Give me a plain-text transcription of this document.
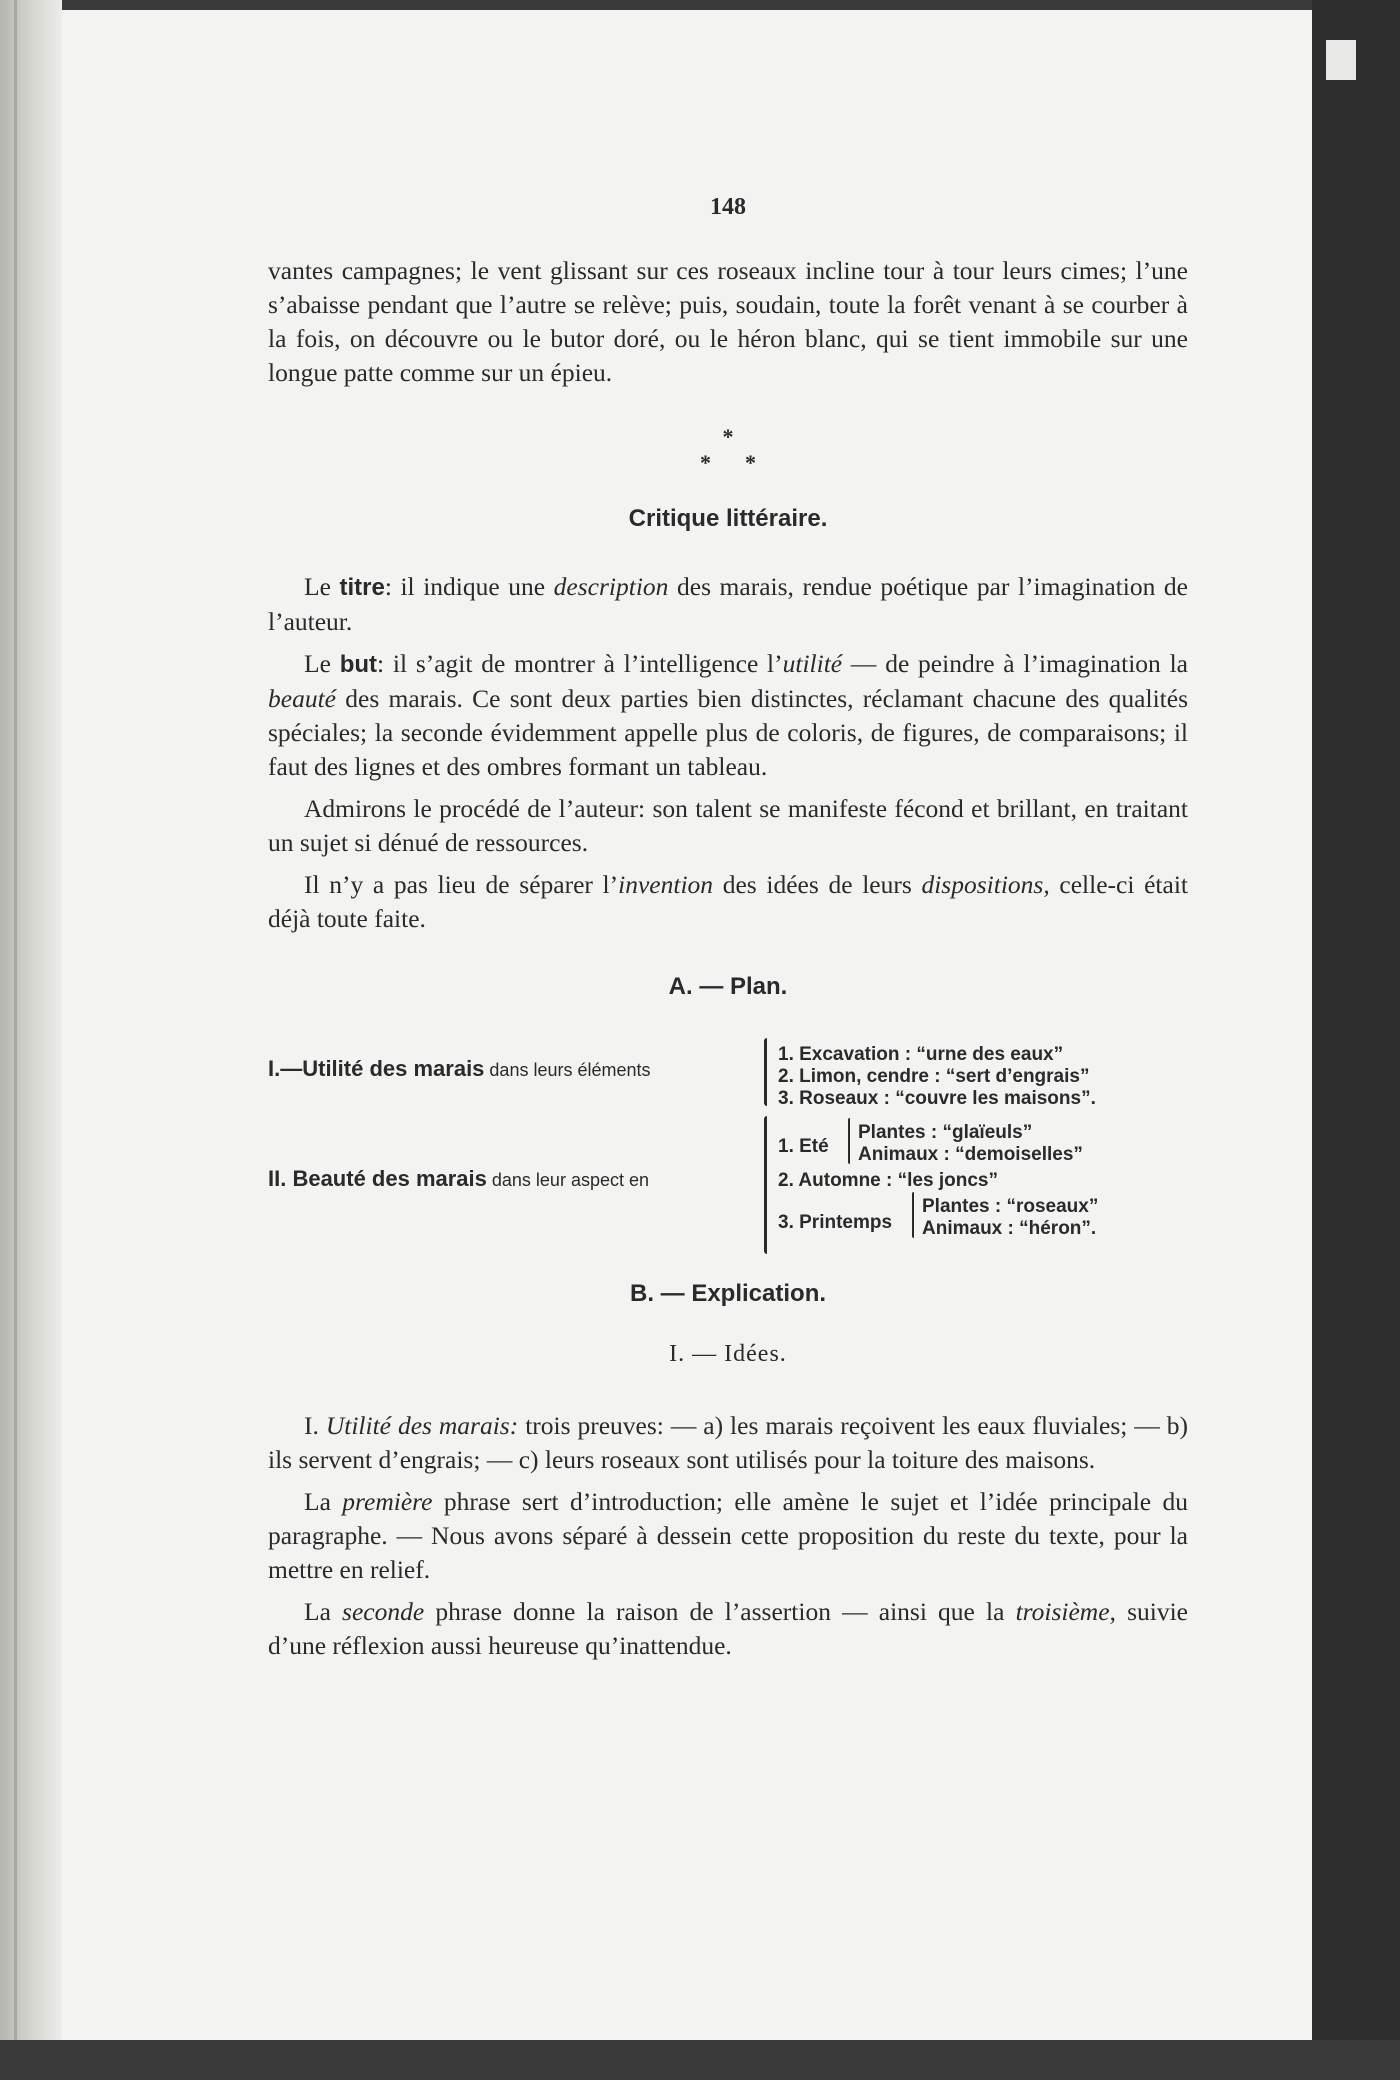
148

vantes campagnes; le vent glissant sur ces roseaux incline tour à tour leurs cimes; l’une s’abaisse pendant que l’autre se relève; puis, soudain, toute la forêt venant à se courber à la fois, on découvre ou le butor doré, ou le héron blanc, qui se tient immobile sur une longue patte comme sur un épieu.

*
* *
Critique littéraire.

Le titre: il indique une description des marais, rendue poétique par l’imagination de l’auteur.

Le but: il s’agit de montrer à l’intelligence l’utilité — de peindre à l’imagination la beauté des marais. Ce sont deux parties bien distinctes, réclamant chacune des qualités spéciales; la seconde évidemment appelle plus de coloris, de figures, de comparaisons; il faut des lignes et des ombres formant un tableau.

Admirons le procédé de l’auteur: son talent se manifeste fécond et brillant, en traitant un sujet si dénué de ressources.

Il n’y a pas lieu de séparer l’invention des idées de leurs dispositions, celle-ci était déjà toute faite.

A. — Plan.
I.—Utilité des marais dans leurs éléments
1. Excavation : “urne des eaux”
2. Limon, cendre : “sert d’engrais”
3. Roseaux : “couvre les maisons”.
II. Beauté des marais dans leur aspect en
1. Eté
Plantes : “glaïeuls”
Animaux : “demoiselles”
2. Automne : “les joncs”
3. Printemps
Plantes : “roseaux”
Animaux : “héron”.
B. — Explication.
I. — Idées.

I. Utilité des marais: trois preuves: — a) les marais reçoivent les eaux fluviales; — b) ils servent d’engrais; — c) leurs roseaux sont utilisés pour la toiture des maisons.

La première phrase sert d’introduction; elle amène le sujet et l’idée principale du paragraphe. — Nous avons séparé à dessein cette proposition du reste du texte, pour la mettre en relief.

La seconde phrase donne la raison de l’assertion — ainsi que la troisième, suivie d’une réflexion aussi heureuse qu’inattendue.
